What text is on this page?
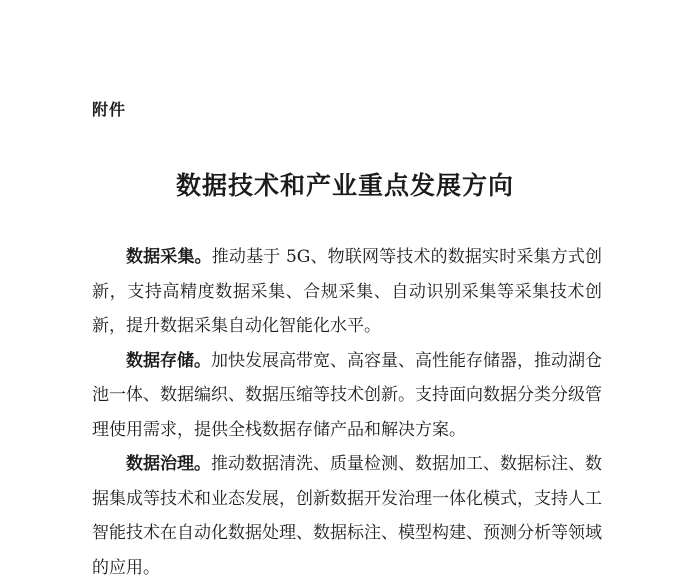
附件
数据技术和产业重点发展方向

数据采集。推动基于 5G、物联网等技术的数据实时采集方式创新，支持高精度数据采集、合规采集、自动识别采集等采集技术创新，提升数据采集自动化智能化水平。

数据存储。加快发展高带宽、高容量、高性能存储器，推动湖仓池一体、数据编织、数据压缩等技术创新。支持面向数据分类分级管理使用需求，提供全栈数据存储产品和解决方案。

数据治理。推动数据清洗、质量检测、数据加工、数据标注、数据集成等技术和业态发展，创新数据开发治理一体化模式，支持人工智能技术在自动化数据处理、数据标注、模型构建、预测分析等领域的应用。
